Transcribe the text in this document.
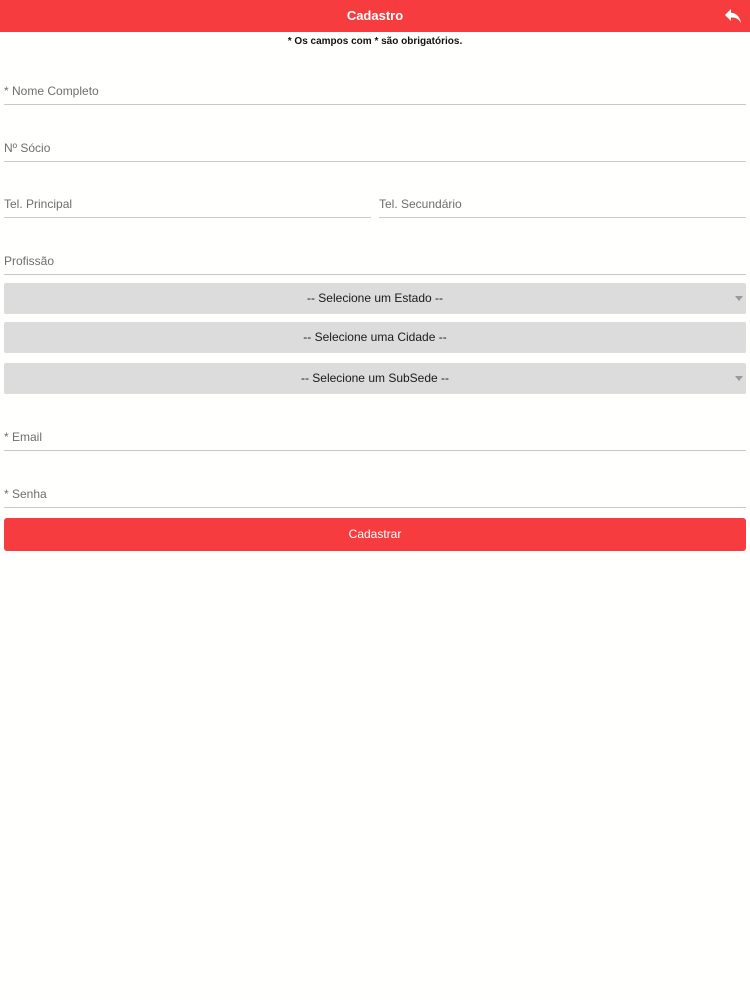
Cadastro
* Os campos com * são obrigatórios.
* Nome Completo
Nº Sócio
Tel. Principal
Tel. Secundário
Profissão
-- Selecione um Estado --
-- Selecione uma Cidade --
-- Selecione um SubSede --
* Email
Cadastrar
